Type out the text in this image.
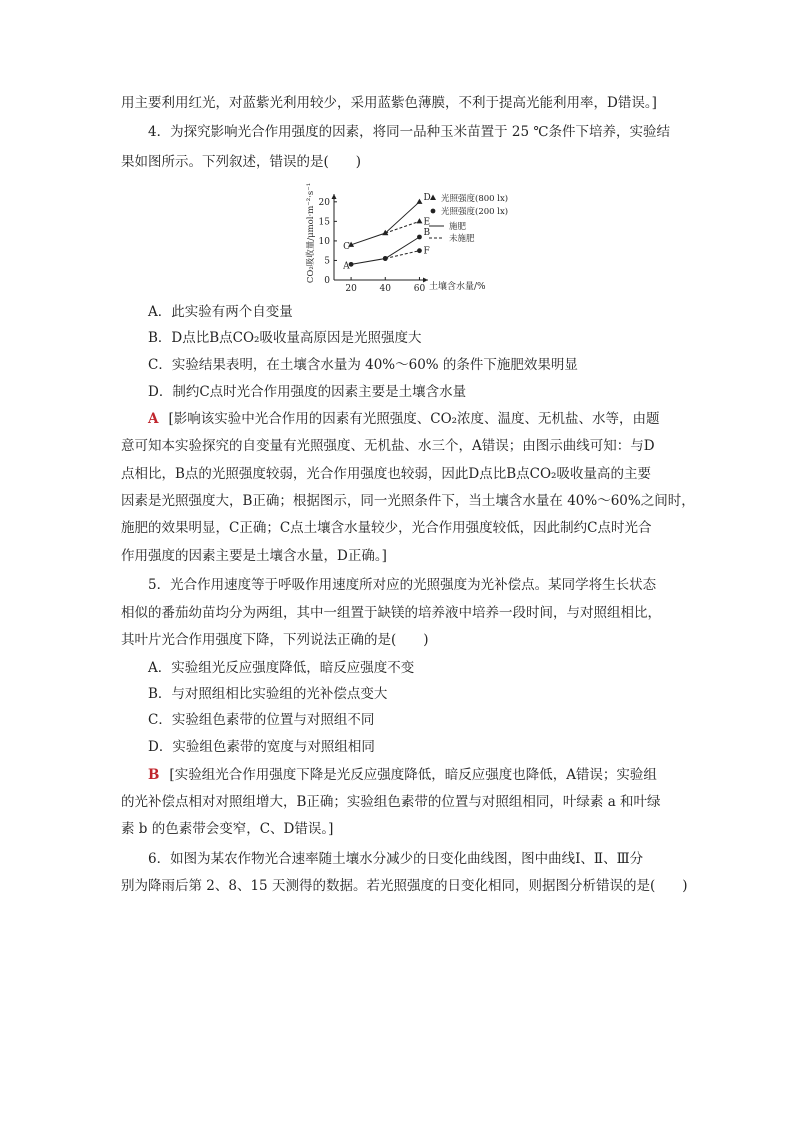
用主要利用红光，对蓝紫光利用较少，采用蓝紫色薄膜，不利于提高光能利用率，D错误。]
4．为探究影响光合作用强度的因素，将同一品种玉米苗置于 25 ℃条件下培养，实验结
果如图所示。下列叙述，错误的是(　　)
20	40	60
0
5
10
15
20
土壤含水量/%
CO₂吸收量/μmol·m⁻²·s⁻¹	C
D
E
A
B
F
光照强度(800 lx)
光照强度(200 lx)
施肥
未施肥
A．此实验有两个自变量
B．D点比B点CO₂吸收量高原因是光照强度大
C．实验结果表明，在土壤含水量为 40%～60% 的条件下施肥效果明显
D．制约C点时光合作用强度的因素主要是土壤含水量
A [影响该实验中光合作用的因素有光照强度、CO₂浓度、温度、无机盐、水等，由题
意可知本实验探究的自变量有光照强度、无机盐、水三个，A错误；由图示曲线可知：与D
点相比，B点的光照强度较弱，光合作用强度也较弱，因此D点比B点CO₂吸收量高的主要
因素是光照强度大，B正确；根据图示，同一光照条件下，当土壤含水量在 40%～60%之间时，
施肥的效果明显，C正确；C点土壤含水量较少，光合作用强度较低，因此制约C点时光合
作用强度的因素主要是土壤含水量，D正确。]
5．光合作用速度等于呼吸作用速度所对应的光照强度为光补偿点。某同学将生长状态
相似的番茄幼苗均分为两组，其中一组置于缺镁的培养液中培养一段时间，与对照组相比，
其叶片光合作用强度下降，下列说法正确的是(　　)
A．实验组光反应强度降低，暗反应强度不变
B．与对照组相比实验组的光补偿点变大
C．实验组色素带的位置与对照组不同
D．实验组色素带的宽度与对照组相同
B [实验组光合作用强度下降是光反应强度降低，暗反应强度也降低，A错误；实验组
的光补偿点相对对照组增大，B正确；实验组色素带的位置与对照组相同，叶绿素 a 和叶绿
素 b 的色素带会变窄，C、D错误。]
6．如图为某农作物光合速率随土壤水分减少的日变化曲线图，图中曲线Ⅰ、Ⅱ、Ⅲ分
别为降雨后第 2、8、15 天测得的数据。若光照强度的日变化相同，则据图分析错误的是(　　)
